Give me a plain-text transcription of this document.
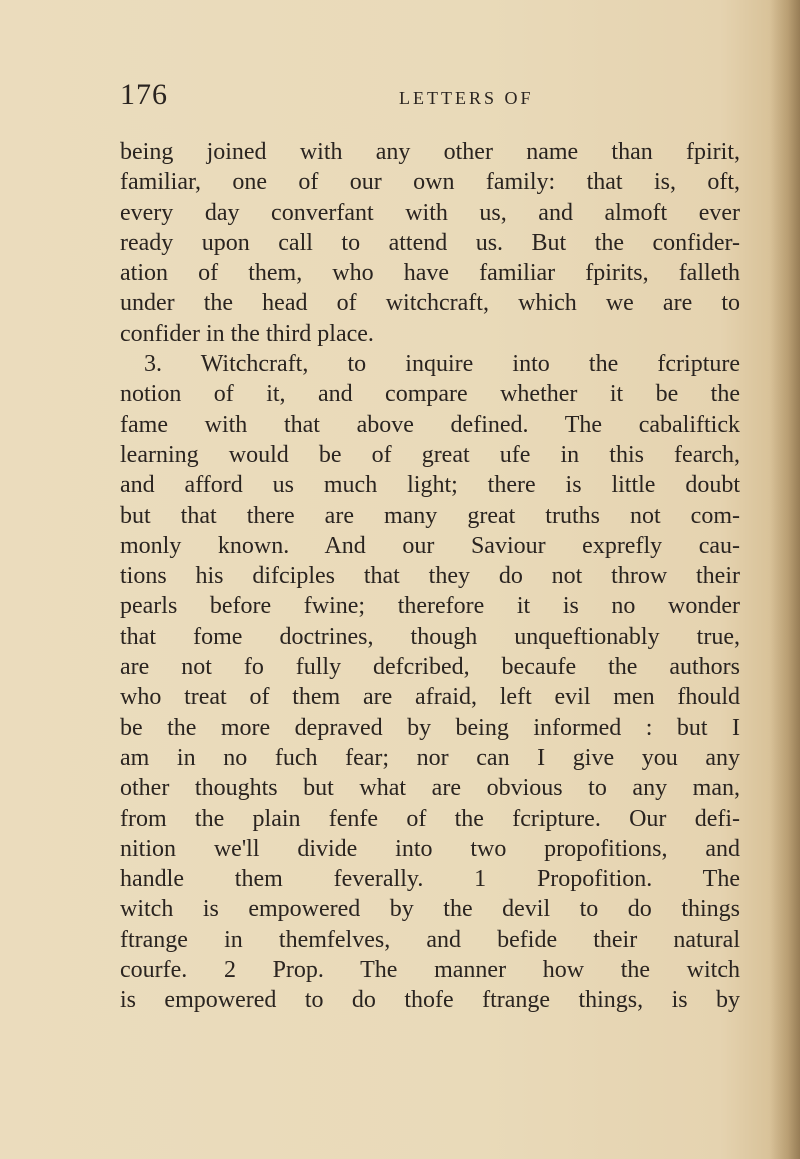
176	LETTERS OF
being joined with any other name than fpirit,
familiar, one of our own family: that is, oft,
every day converfant with us, and almoft ever
ready upon call to attend us. But the confider-
ation of them, who have familiar fpirits, falleth
under the head of witchcraft, which we are to
confider in the third place.
3. Witchcraft, to inquire into the fcripture
notion of it, and compare whether it be the
fame with that above defined. The cabaliftick
learning would be of great ufe in this fearch,
and afford us much light; there is little doubt
but that there are many great truths not com-
monly known. And our Saviour exprefly cau-
tions his difciples that they do not throw their
pearls before fwine; therefore it is no wonder
that fome doctrines, though unqueftionably true,
are not fo fully defcribed, becaufe the authors
who treat of them are afraid, left evil men fhould
be the more depraved by being informed : but I
am in no fuch fear; nor can I give you any
other thoughts but what are obvious to any man,
from the plain fenfe of the fcripture. Our defi-
nition we'll divide into two propofitions, and
handle them feverally. 1 Propofition. The
witch is empowered by the devil to do things
ftrange in themfelves, and befide their natural
courfe. 2 Prop. The manner how the witch
is empowered to do thofe ftrange things, is by
